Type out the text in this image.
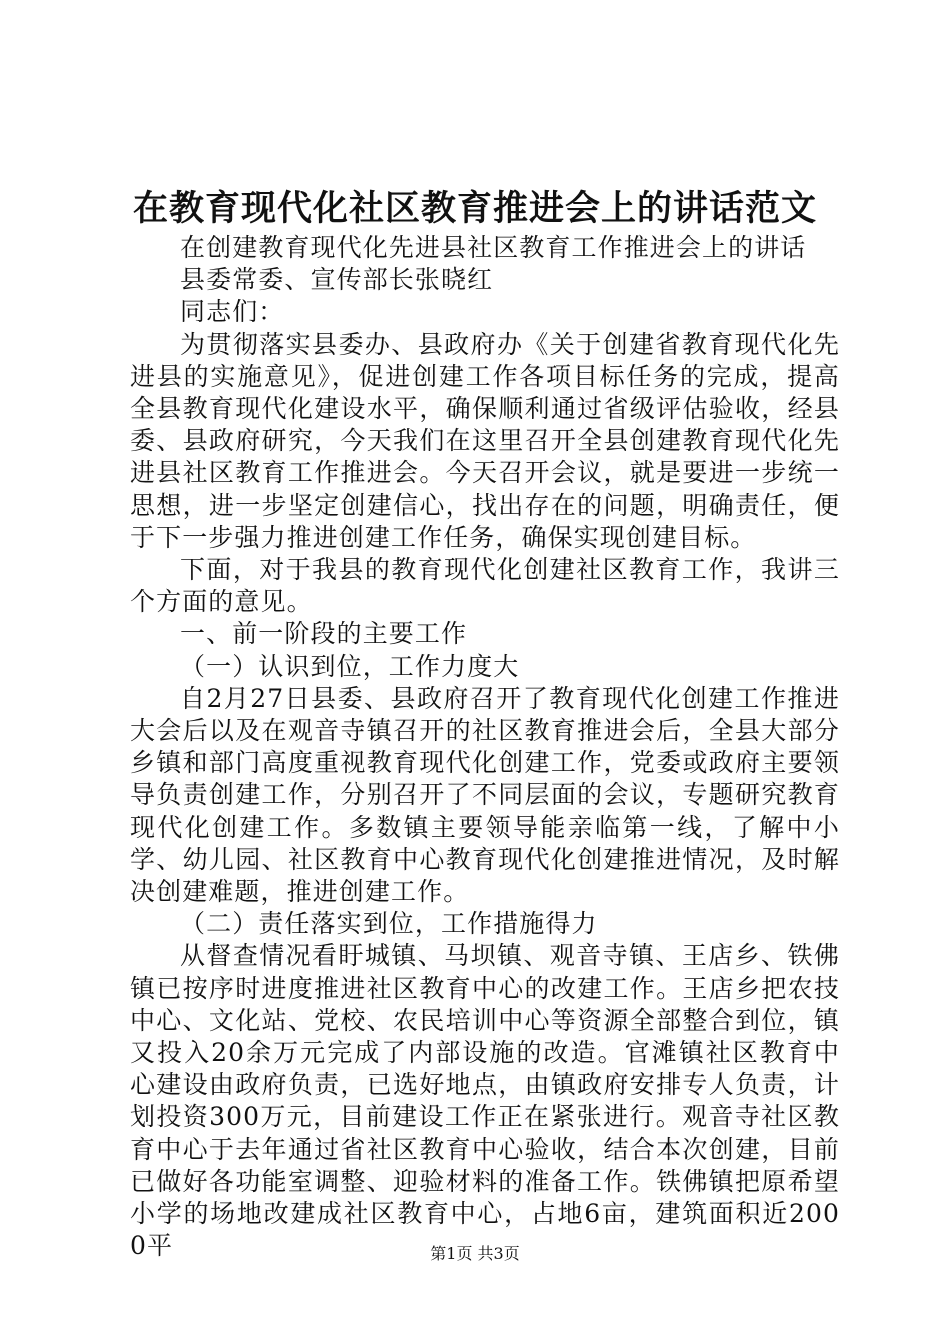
在教育现代化社区教育推进会上的讲话范文

在创建教育现代化先进县社区教育工作推进会上的讲话

县委常委、宣传部长张晓红

同志们：

为贯彻落实县委办、县政府办《关于创建省教育现代化先进县的实施意见》，促进创建工作各项目标任务的完成，提高全县教育现代化建设水平，确保顺利通过省级评估验收，经县委、县政府研究，今天我们在这里召开全县创建教育现代化先进县社区教育工作推进会。今天召开会议，就是要进一步统一思想，进一步坚定创建信心，找出存在的问题，明确责任，便于下一步强力推进创建工作任务，确保实现创建目标。

下面，对于我县的教育现代化创建社区教育工作，我讲三个方面的意见。

一、前一阶段的主要工作

（一）认识到位，工作力度大

自2月27日县委、县政府召开了教育现代化创建工作推进大会后以及在观音寺镇召开的社区教育推进会后，全县大部分乡镇和部门高度重视教育现代化创建工作，党委或政府主要领导负责创建工作，分别召开了不同层面的会议，专题研究教育现代化创建工作。多数镇主要领导能亲临第一线，了解中小学、幼儿园、社区教育中心教育现代化创建推进情况，及时解决创建难题，推进创建工作。

（二）责任落实到位，工作措施得力

从督查情况看盱城镇、马坝镇、观音寺镇、王店乡、铁佛镇已按序时进度推进社区教育中心的改建工作。王店乡把农技中心、文化站、党校、农民培训中心等资源全部整合到位，镇又投入20余万元完成了内部设施的改造。官滩镇社区教育中心建设由政府负责，已选好地点，由镇政府安排专人负责，计划投资300万元，目前建设工作正在紧张进行。观音寺社区教育中心于去年通过省社区教育中心验收，结合本次创建，目前已做好各功能室调整、迎验材料的准备工作。铁佛镇把原希望小学的场地改建成社区教育中心，占地6亩，建筑面积近2000平	第1页 共3页
